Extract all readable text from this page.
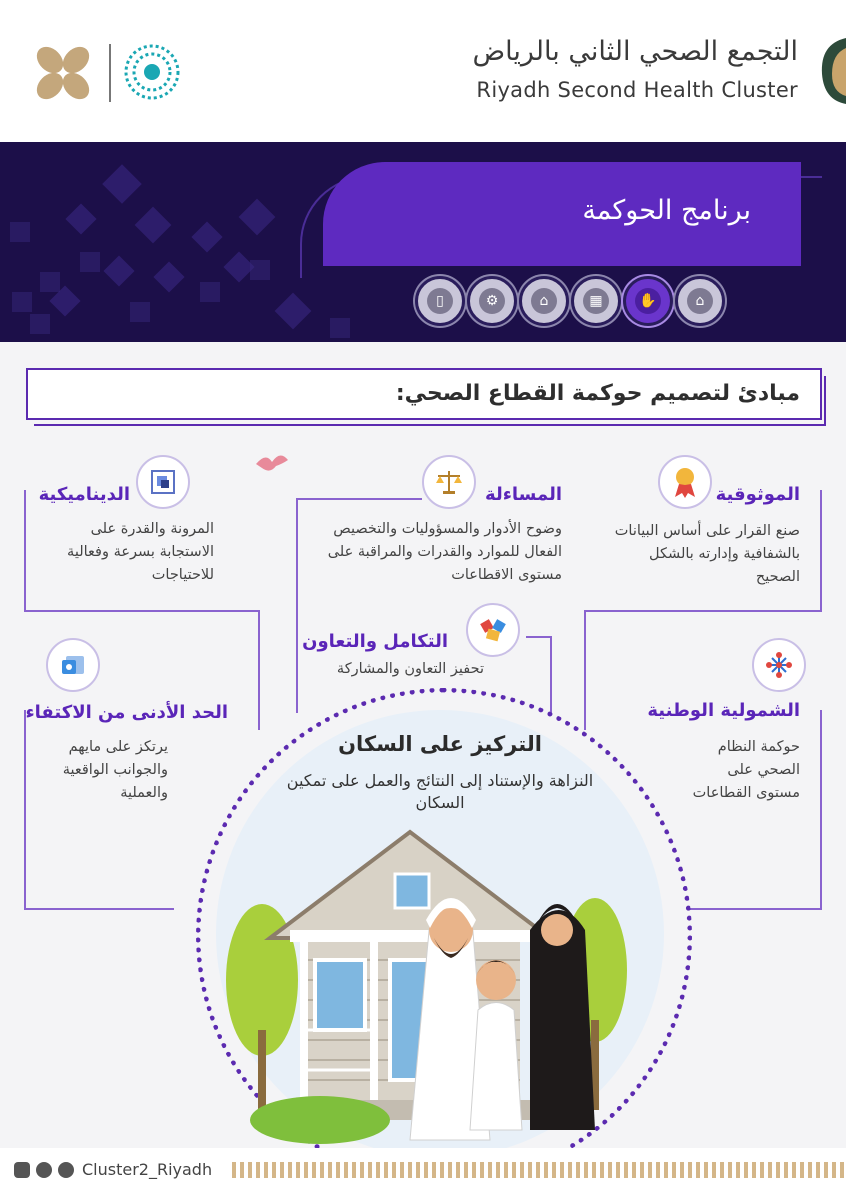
التجمع الصحي الثاني بالرياض
Riyadh Second Health Cluster
برنامج الحوكمة
▯	⚙	⌂	▦	✋	⌂
مبادئ لتصميم حوكمة القطاع الصحي:
الموثوقية
صنع القرار على أساس البيانات بالشفافية وإدارته بالشكل الصحيح
المساءلة
وضوح الأدوار والمسؤوليات والتخصيص الفعال للموارد والقدرات والمراقبة على مستوى الاقطاعات
الديناميكية
المرونة والقدرة على الاستجابة بسرعة وفعالية للاحتياجات
التكامل والتعاون
تحفيز التعاون والمشاركة
الشمولية الوطنية
حوكمة النظام الصحي على مستوى القطاعات
الحد الأدنى من الاكتفاء
يرتكز على مايهم والجوانب الواقعية والعملية
التركيز على السكان
النزاهة والإستناد إلى النتائج والعمل على تمكين السكان
Cluster2_Riyadh
